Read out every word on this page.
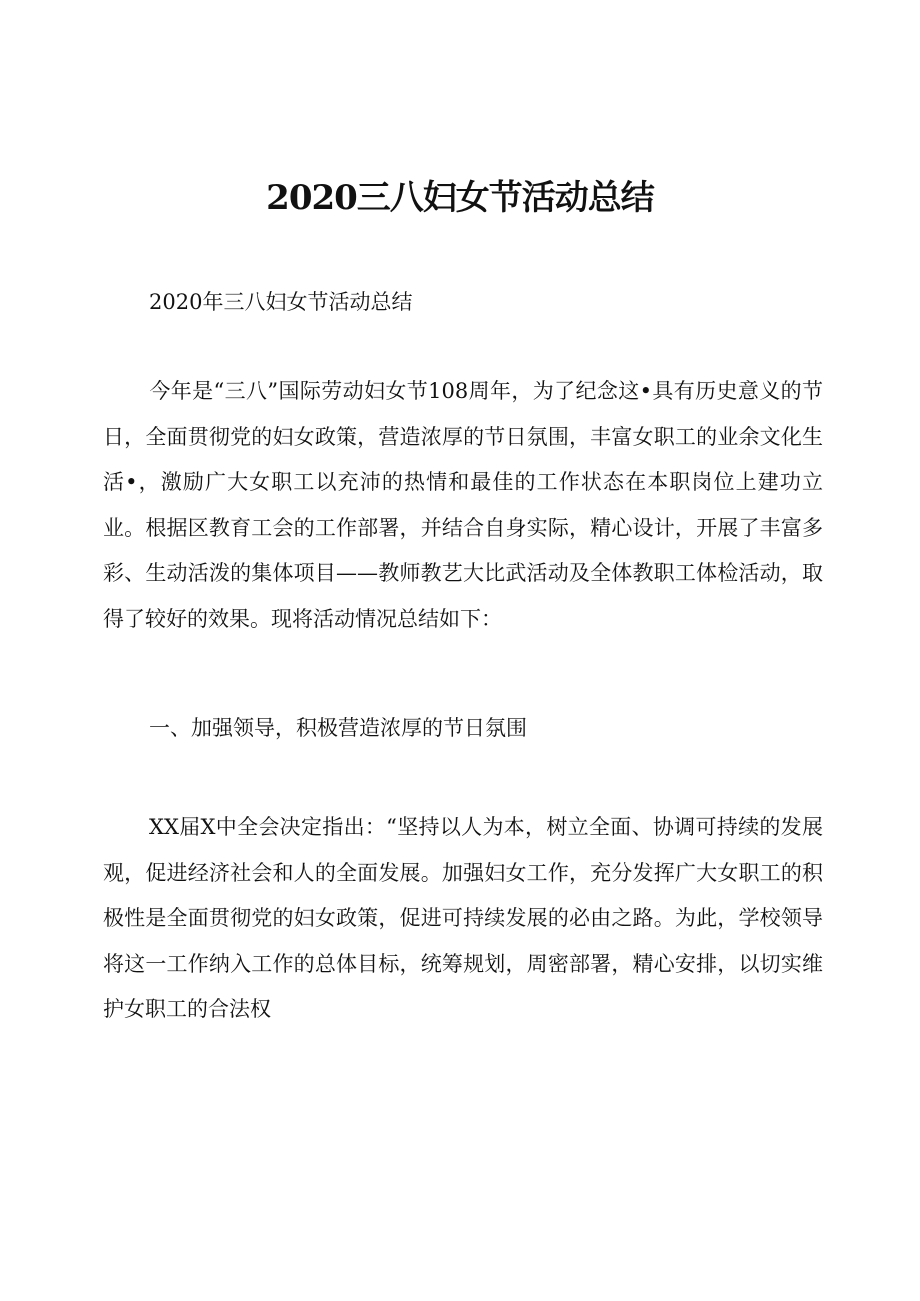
2020三八妇女节活动总结

2020年三八妇女节活动总结

今年是“三八”国际劳动妇女节108周年，为了纪念这•具有历史意义的节日，全面贯彻党的妇女政策，营造浓厚的节日氛围，丰富女职工的业余文化生活•，激励广大女职工以充沛的热情和最佳的工作状态在本职岗位上建功立业。根据区教育工会的工作部署，并结合自身实际，精心设计，开展了丰富多彩、生动活泼的集体项目——教师教艺大比武活动及全体教职工体检活动，取得了较好的效果。现将活动情况总结如下：

一、加强领导，积极营造浓厚的节日氛围

XX届X中全会决定指出：“坚持以人为本，树立全面、协调可持续的发展观，促进经济社会和人的全面发展。加强妇女工作，充分发挥广大女职工的积极性是全面贯彻党的妇女政策，促进可持续发展的必由之路。为此，学校领导将这一工作纳入工作的总体目标，统筹规划，周密部署，精心安排，以切实维护女职工的合法权
